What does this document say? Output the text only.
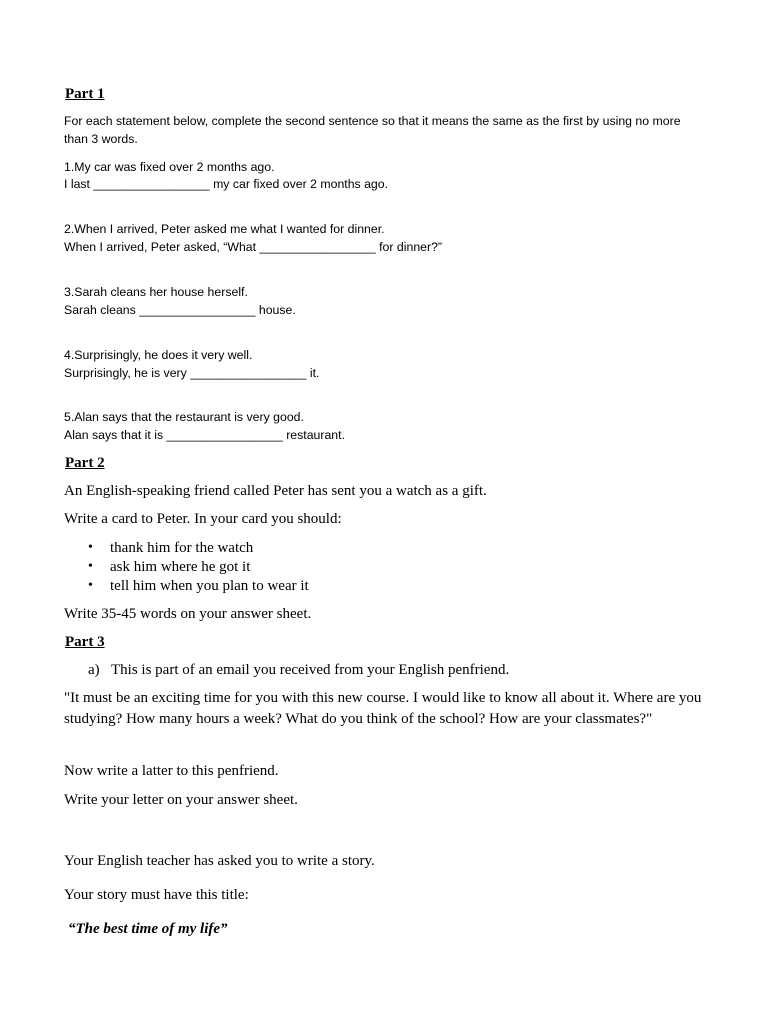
Part 1
For each statement below, complete the second sentence so that it means the same as the first by using no more
than 3 words.
1.My car was fixed over 2 months ago.
I last _________________ my car fixed over 2 months ago.
2.When I arrived, Peter asked me what I wanted for dinner.
When I arrived, Peter asked, “What _________________ for dinner?”
3.Sarah cleans her house herself.
Sarah cleans _________________ house.
4.Surprisingly, he does it very well.
Surprisingly, he is very _________________ it.
5.Alan says that the restaurant is very good.
Alan says that it is _________________ restaurant.
Part 2
An English-speaking friend called Peter has sent you a watch as a gift.
Write a card to Peter. In your card you should:
• thank him for the watch
• ask him where he got it
• tell him when you plan to wear it
Write 35-45 words on your answer sheet.
Part 3
a) This is part of an email you received from your English penfriend.
"It must be an exciting time for you with this new course. I would like to know all about it. Where are you
studying? How many hours a week? What do you think of the school? How are your classmates?"
Now write a latter to this penfriend.
Write your letter on your answer sheet.
Your English teacher has asked you to write a story.
Your story must have this title:
“The best time of my life”
